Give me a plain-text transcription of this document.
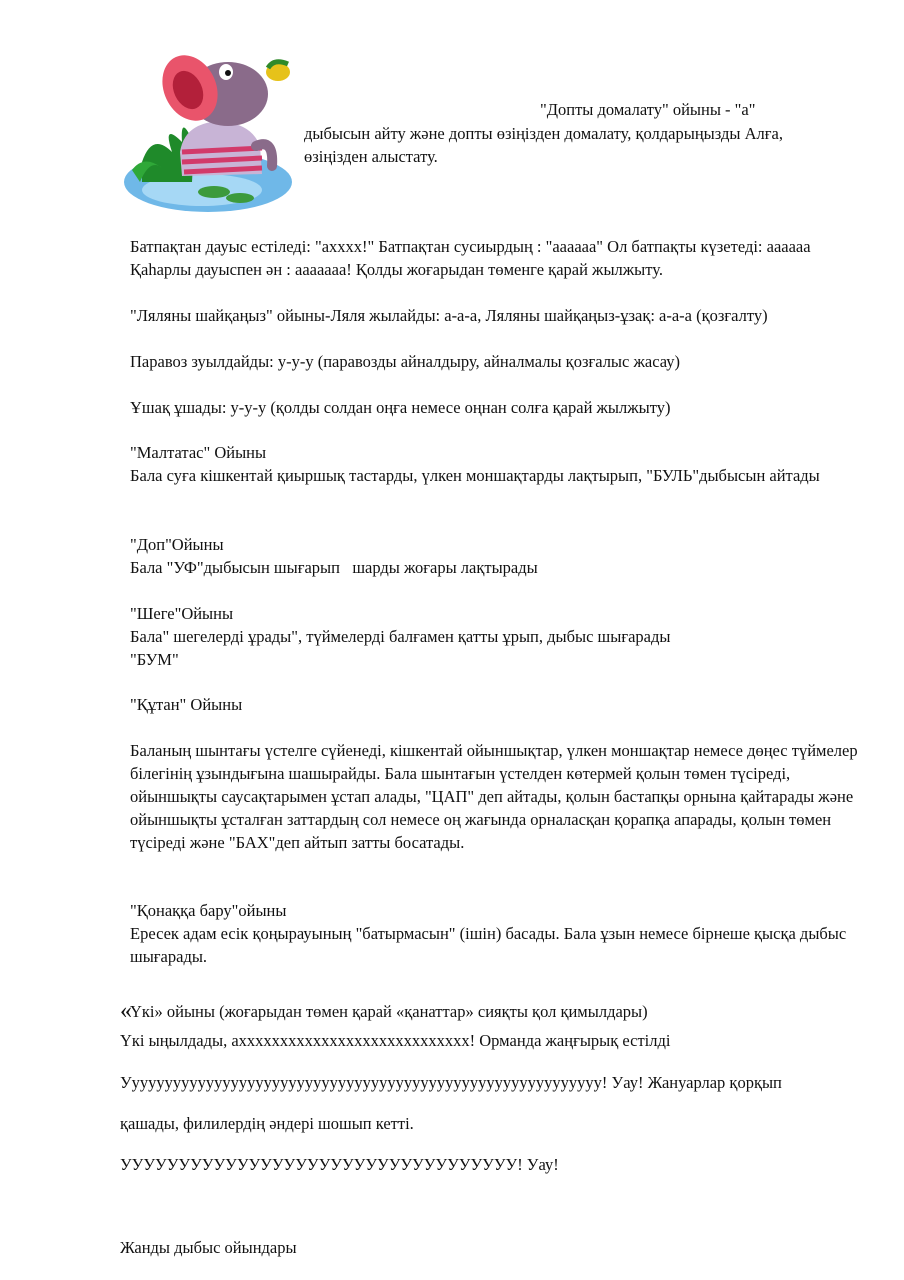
"Допты домалату" ойыны - "а"

дыбысын айту және допты өзіңізден домалату, қолдарыңызды Алға, өзіңізден алыстату.

Батпақтан дауыс естіледі: "ахххх!" Батпақтан сусиырдың : "аааааа" Ол батпақты күзетеді: аааааа Қаһарлы дауыспен ән : ааааааа! Қолды жоғарыдан төменге қарай жылжыту.

"Ляляны шайқаңыз" ойыны-Ляля жылайды: а-а-а, Ляляны шайқаңыз-ұзақ: а-а-а (қозғалту)

Паравоз зуылдайды: у-у-у (паравозды айналдыру, айналмалы қозғалыс жасау)

Ұшақ ұшады: у-у-у (қолды солдан оңға немесе оңнан солға қарай жылжыту)

"Малтатас" Ойыны

Бала суға кішкентай қиыршық тастарды, үлкен моншақтарды лақтырып, "БУЛЬ"дыбысын айтады

"Доп"Ойыны

Бала "УФ"дыбысын шығарып   шарды жоғары лақтырады

"Шеге"Ойыны

Бала" шегелерді ұрады", түймелерді балғамен қатты ұрып, дыбыс шығарады

"БУМ"

"Құтан" Ойыны

Баланың шынтағы үстелге сүйенеді, кішкентай ойыншықтар, үлкен моншақтар немесе дөңес түймелер білегінің ұзындығына шашырайды. Бала шынтағын үстелден көтермей қолын төмен түсіреді, ойыншықты саусақтарымен ұстап алады, "ЦАП" деп айтады, қолын бастапқы орнына қайтарады және ойыншықты ұсталған заттардың сол немесе оң жағында орналасқан қорапқа апарады, қолын төмен түсіреді және "БАХ"деп айтып затты босатады.

"Қонаққа бару"ойыны

Ересек адам есік қоңырауының "батырмасын" (ішін) басады. Бала ұзын немесе бірнеше қысқа дыбыс шығарады.

«Үкі» ойыны (жоғарыдан төмен қарай «қанаттар» сияқты қол қимылдары)

Үкі ыңылдады, ахххххххххххххххххххххххххххх! Орманда жаңғырық естілді

Уууууууууууууууууууууууууууууууууууууууууууууууууууууууууу! Уау! Жануарлар қорқып

қашады, филилердің әндері шошып кетті.

УУУУУУУУУУУУУУУУУУУУУУУУУУУУУУУУУУ! Уау!

Жанды дыбыс ойындары
